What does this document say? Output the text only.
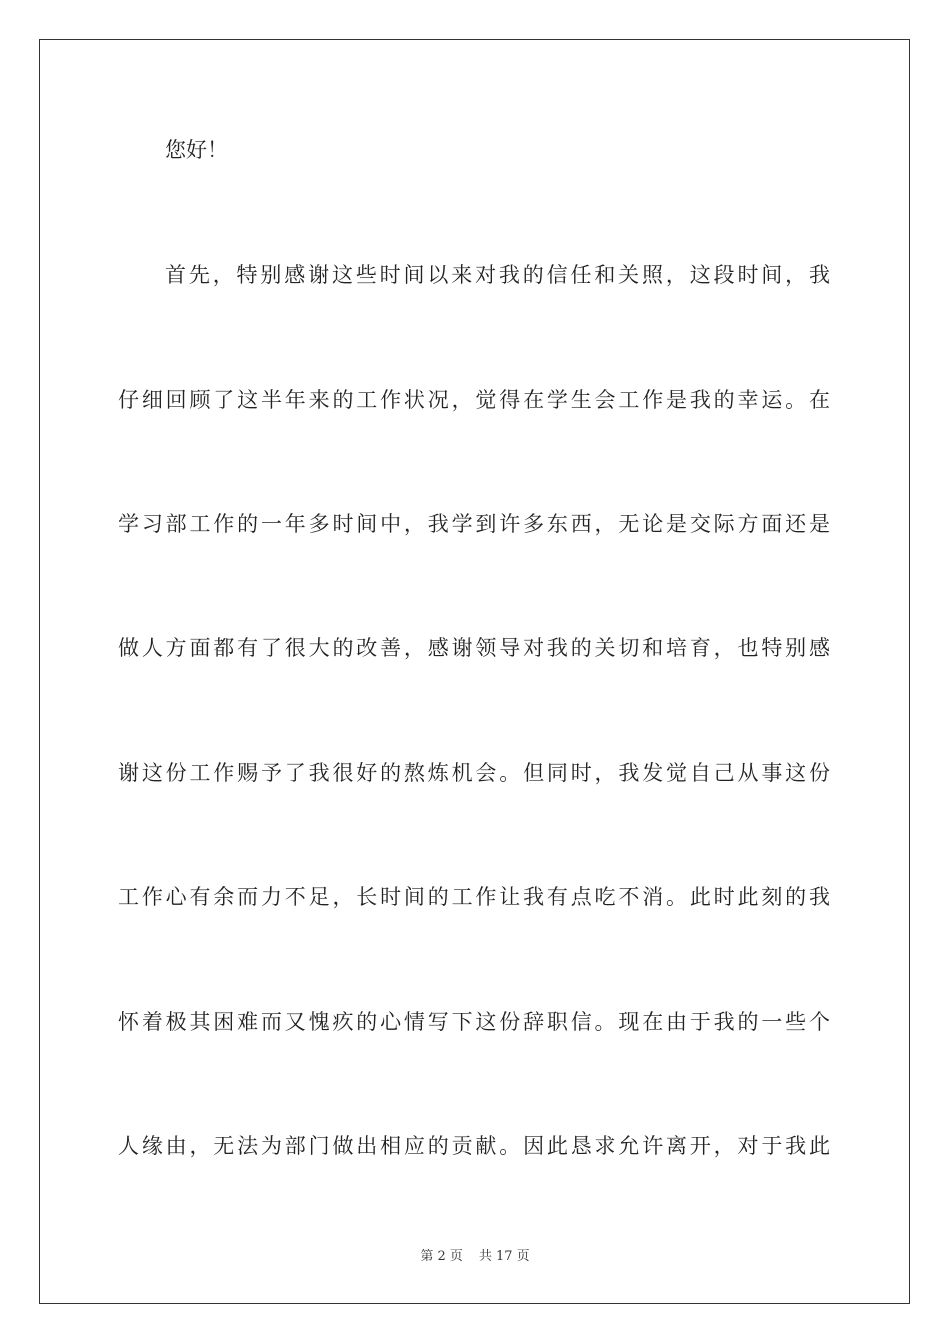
您好！
首先，特别感谢这些时间以来对我的信任和关照，这段时间，我
仔细回顾了这半年来的工作状况，觉得在学生会工作是我的幸运。在
学习部工作的一年多时间中，我学到许多东西，无论是交际方面还是
做人方面都有了很大的改善，感谢领导对我的关切和培育，也特别感
谢这份工作赐予了我很好的熬炼机会。但同时，我发觉自己从事这份
工作心有余而力不足，长时间的工作让我有点吃不消。此时此刻的我
怀着极其困难而又愧疚的心情写下这份辞职信。现在由于我的一些个
人缘由，无法为部门做出相应的贡献。因此恳求允许离开，对于我此
第 2 页 共 17 页
